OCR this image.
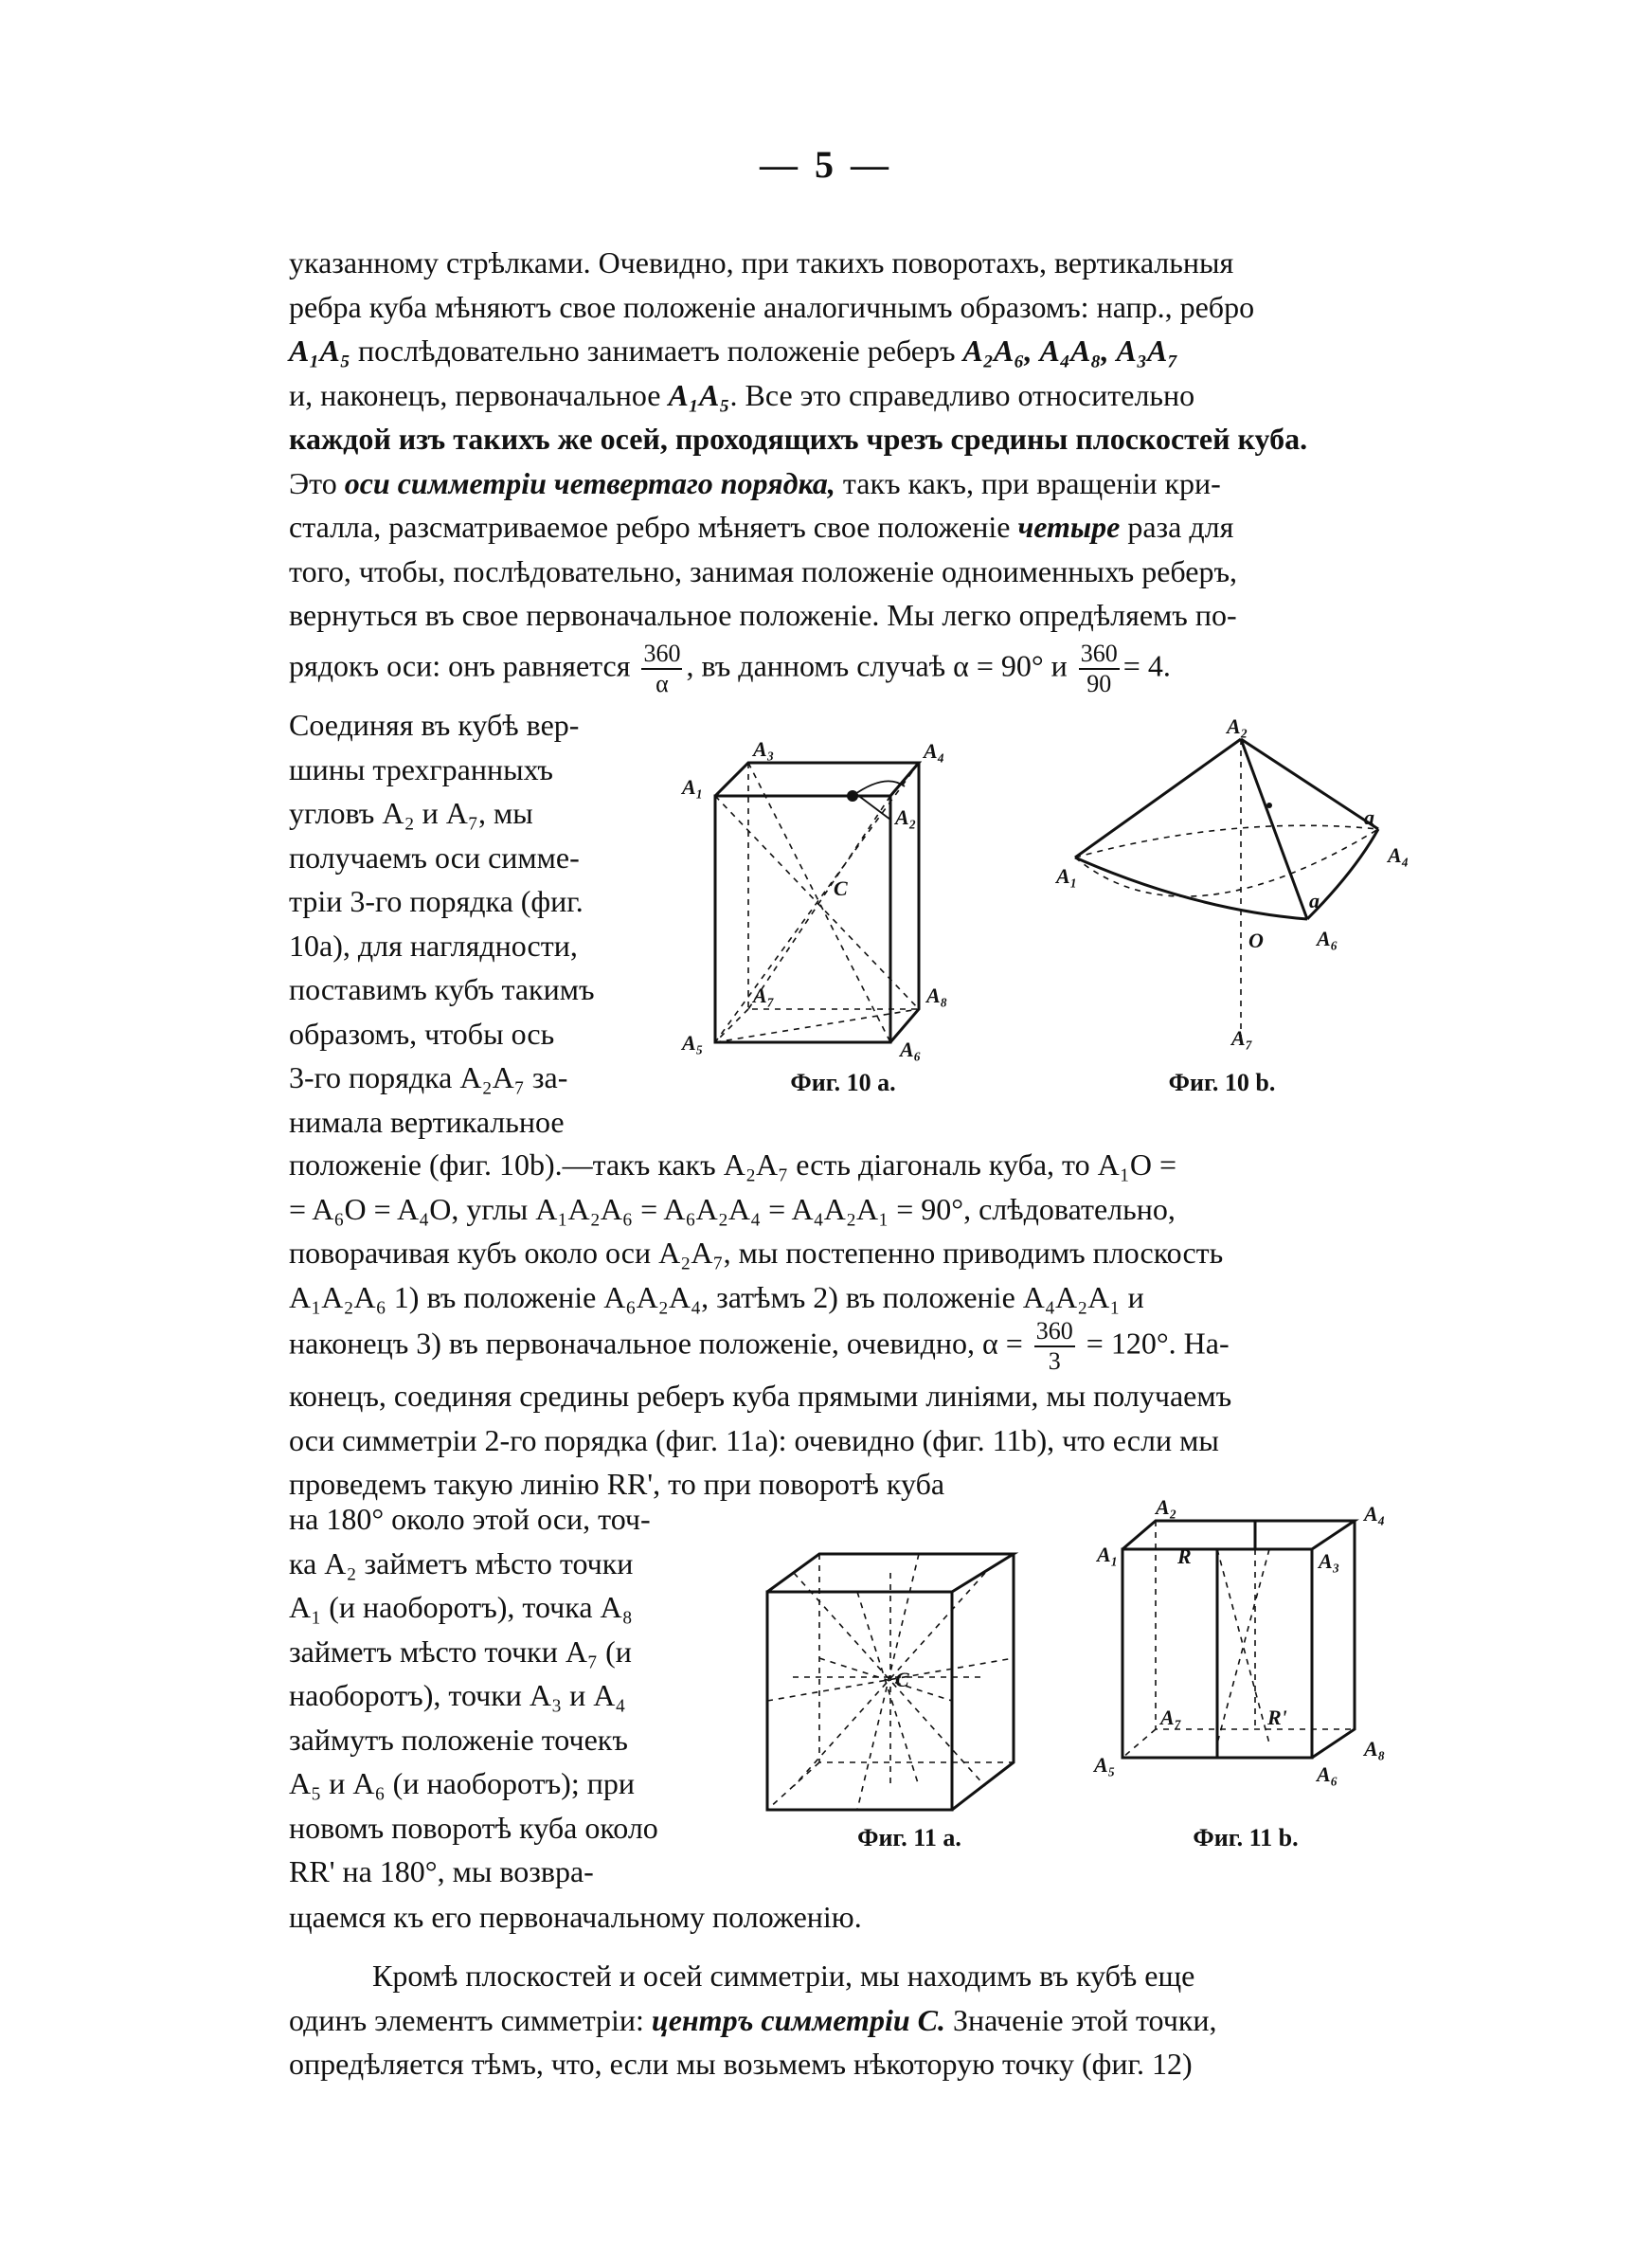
— 5 —

указанному стрѣлками. Очевидно, при такихъ поворотахъ, вертикальныя

ребра куба мѣняютъ свое положеніе аналогичнымъ образомъ: напр., ребро

A₁A₅ послѣдовательно занимаетъ положеніе реберъ A₂A₆, A₄A₈, A₃A₇

и, наконецъ, первоначальное A₁A₅. Все это справедливо относительно

каждой изъ такихъ же осей, проходящихъ чрезъ средины плоскостей куба.

Это оси симметріи четвертаго порядка, такъ какъ, при вращеніи кри-

сталла, разсматриваемое ребро мѣняетъ свое положеніе четыре раза для

того, чтобы, послѣдовательно, занимая положеніе одноименныхъ реберъ,

вернуться въ свое первоначальное положеніе. Мы легко опредѣляемъ по-

рядокъ оси: онъ равняется $\frac{360}{\alpha}$ , въ данномъ случаѣ α = 90° и $\frac{360}{90} = 4$.

Соединяя въ кубѣ вер-

шины трехгранныхъ

угловъ A₂ и A₇, мы

получаемъ оси симме-

тріи 3-го порядка (фиг.

10a), для наглядности,

поставимъ кубъ такимъ

образомъ, чтобы ось

3-го порядка A₂A₇ за-

нимала вертикальное

A₁
A₃	A₄
A₂
C
A₇	A₈
A₅	A₆
Фиг. 10 a.
A₂
A₁
a
A₄
a
A₆
O
A₇
Фиг. 10 b.

положеніе (фиг. 10b).—такъ какъ A₂A₇ есть діагональ куба, то A₁O =

= A₆O = A₄O, углы A₁A₂A₆ = A₆A₂A₄ = A₄A₂A₁ = 90°, слѣдовательно,

поворачивая кубъ около оси A₂A₇, мы постепенно приводимъ плоскость

A₁A₂A₆ 1) въ положеніе A₆A₂A₄, затѣмъ 2) въ положеніе A₄A₂A₁ и

наконецъ 3) въ первоначальное положеніе, очевидно, $\alpha = \frac{360}{3} = 120^\circ$. На-

конецъ, соединяя средины реберъ куба прямыми линіями, мы получаемъ

оси симметріи 2-го порядка (фиг. 11a): очевидно (фиг. 11b), что если мы

проведемъ такую линію RR', то при поворотѣ куба

на 180° около этой оси, точ-

ка A₂ займетъ мѣсто точки

A₁ (и наоборотъ), точка A₈

займетъ мѣсто точки A₇ (и

наоборотъ), точки A₃ и A₄

займутъ положеніе точекъ

A₅ и A₆ (и наоборотъ); при

новомъ поворотѣ куба около

RR' на 180°, мы возвра-

C
Фиг. 11 a.
A₂	A₄
A₁	R	A₃
A₇	R'
A₅
A₈
A₆
Фиг. 11 b.

щаемся къ его первоначальному положенію.

Кромѣ плоскостей и осей симметріи, мы находимъ въ кубѣ еще

одинъ элементъ симметріи: центръ симметріи С. Значеніе этой точки,

опредѣляется тѣмъ, что, если мы возьмемъ нѣкоторую точку (фиг. 12)
